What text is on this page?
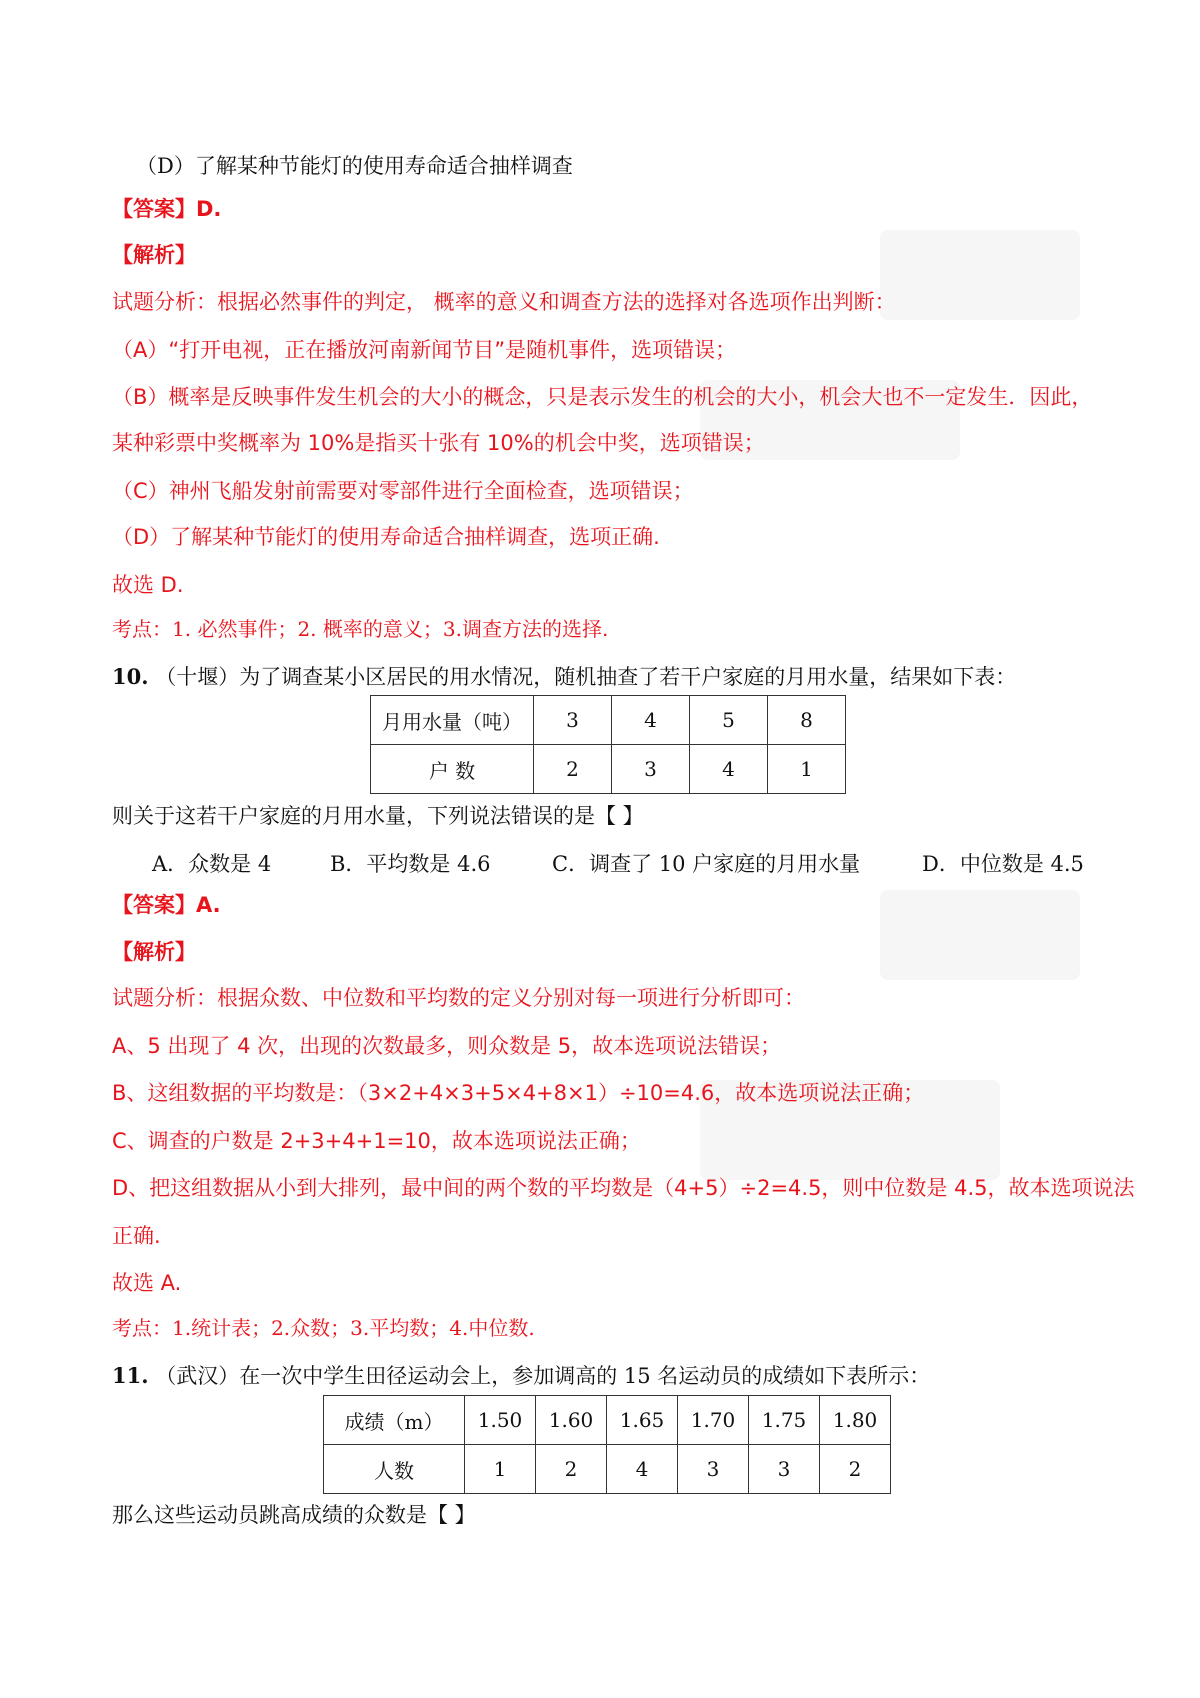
（D）了解某种节能灯的使用寿命适合抽样调查
【答案】D.
【解析】
试题分析：根据必然事件的判定， 概率的意义和调查方法的选择对各选项作出判断：
（A）“打开电视，正在播放河南新闻节目”是随机事件，选项错误；
（B）概率是反映事件发生机会的大小的概念，只是表示发生的机会的大小，机会大也不一定发生．因此，
某种彩票中奖概率为 10%是指买十张有 10%的机会中奖，选项错误；
（C）神州飞船发射前需要对零部件进行全面检查，选项错误；
（D）了解某种节能灯的使用寿命适合抽样调查，选项正确.
故选 D.
考点：1. 必然事件；2. 概率的意义；3.调查方法的选择.
10. （十堰）为了调查某小区居民的用水情况，随机抽查了若干户家庭的月用水量，结果如下表：
月用水量（吨）	3	4	5	8
户 数	2	3	4	1
则关于这若干户家庭的月用水量，下列说法错误的是【 】
A．众数是 4	B．平均数是 4.6	C．调查了 10 户家庭的月用水量	D．中位数是 4.5
【答案】A.
【解析】
试题分析：根据众数、中位数和平均数的定义分别对每一项进行分析即可：
A、5 出现了 4 次，出现的次数最多，则众数是 5，故本选项说法错误；
B、这组数据的平均数是：（3×2+4×3+5×4+8×1）÷10=4.6，故本选项说法正确；
C、调查的户数是 2+3+4+1=10，故本选项说法正确；
D、把这组数据从小到大排列，最中间的两个数的平均数是（4+5）÷2=4.5，则中位数是 4.5，故本选项说法
正确.
故选 A.
考点：1.统计表；2.众数；3.平均数；4.中位数.
11. （武汉）在一次中学生田径运动会上，参加调高的 15 名运动员的成绩如下表所示：
成绩（m）	1.50	1.60	1.65	1.70	1.75	1.80
人数	1	2	4	3	3	2
那么这些运动员跳高成绩的众数是【 】
